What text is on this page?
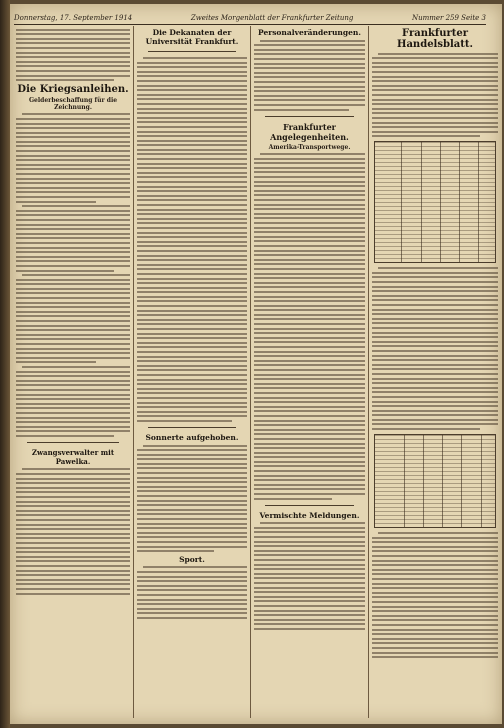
Donnerstag, 17. September 1914	Zweites Morgenblatt der Frankfurter Zeitung	Nummer 259 Seite 3
Die Kriegsanleihen.
Gelderbeschaffung für die Zeichnung.
Zwangsverwalter mit Pawelka.
Die Dekanaten der Universität Frankfurt.
Sonnerte aufgehoben.
Sport.
Personalveränderungen.
Frankfurter Angelegenheiten.
Amerika-Transportwege.
Vermischte Meldungen.
Frankfurter Handelsblatt.
